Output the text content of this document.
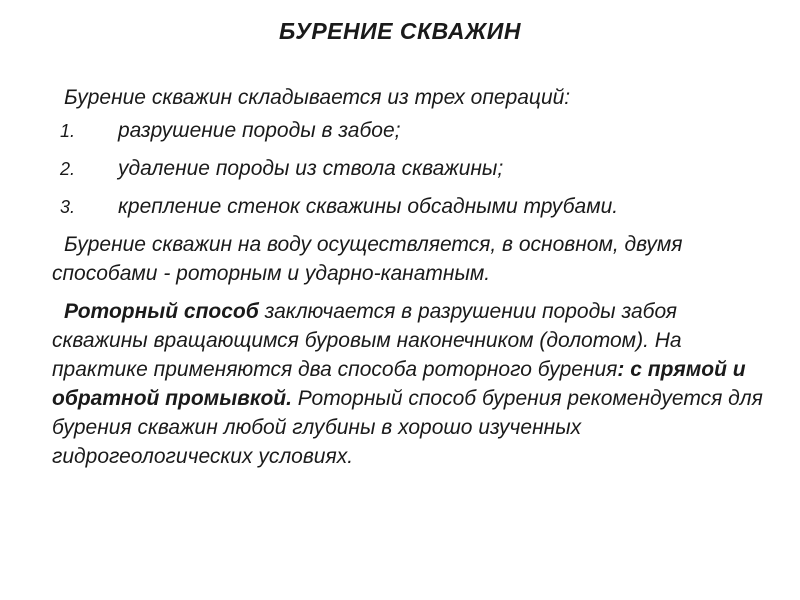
БУРЕНИЕ СКВАЖИН

Бурение скважин складывается из трех операций:

1.	разрушение породы в забое;
2.	удаление породы из ствола скважины;
3.	крепление стенок скважины обсадными трубами.

Бурение скважин на воду осуществляется, в основном, двумя способами - роторным и ударно-канатным.

Роторный способ заключается в разрушении породы забоя скважины вращающимся буровым наконечником (долотом). На практике применяются два способа роторного бурения: с прямой и обратной промывкой. Роторный способ бурения рекомендуется для бурения скважин любой глубины в хорошо изученных гидрогеологических условиях.
